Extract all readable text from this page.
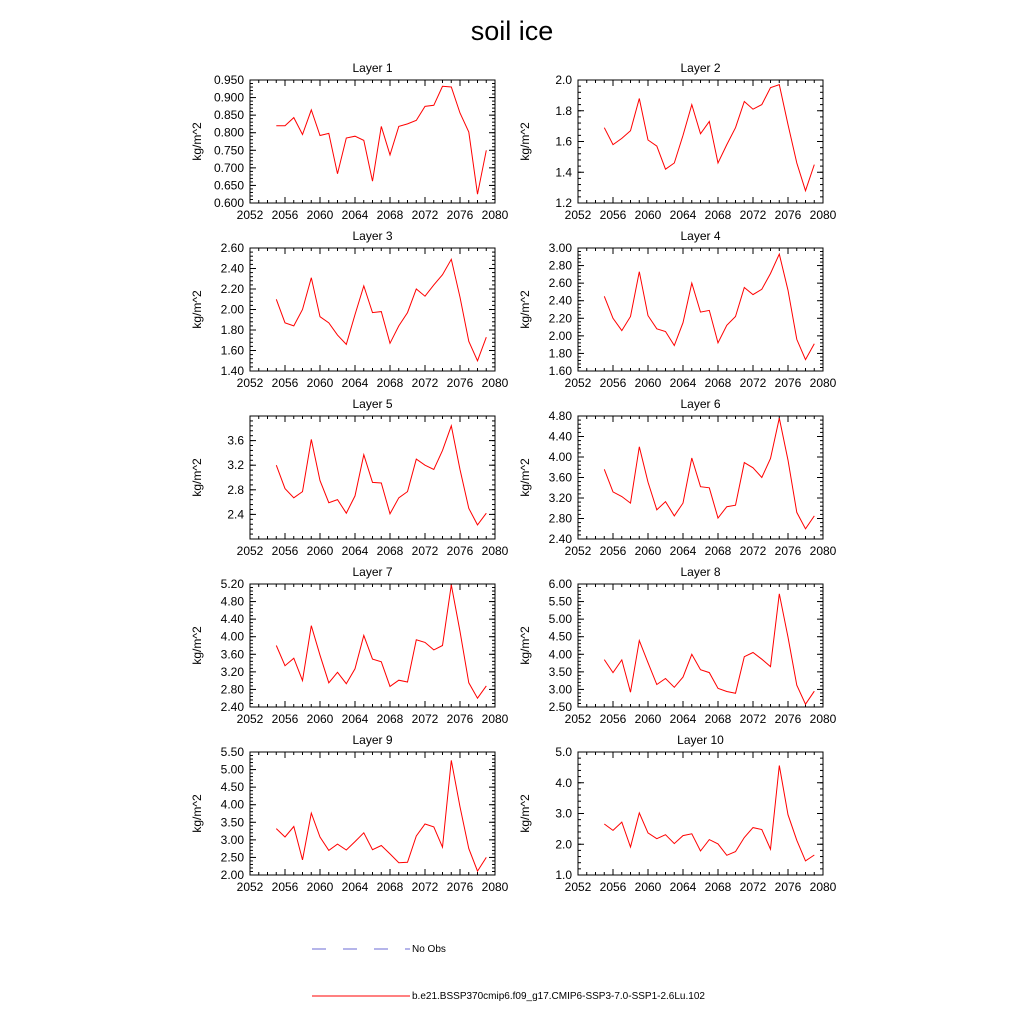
soil ice
2052 2056 2060 2064 2068 2072 2076 2080
0.600
0.650
0.700
0.750
0.800
0.850
0.900
0.950
Layer 1
kg/m^2
2052 2056 2060 2064 2068 2072 2076 2080
1.2
1.4
1.6
1.8
2.0
Layer 2
kg/m^2
2052 2056 2060 2064 2068 2072 2076 2080
1.40
1.60
1.80
2.00
2.20
2.40
2.60
Layer 3
kg/m^2
2052 2056 2060 2064 2068 2072 2076 2080
1.60
1.80
2.00
2.20
2.40
2.60
2.80
3.00
Layer 4
kg/m^2
2052 2056 2060 2064 2068 2072 2076 2080
2.4
2.8
3.2
3.6
Layer 5
kg/m^2
2052 2056 2060 2064 2068 2072 2076 2080
2.40
2.80
3.20
3.60
4.00
4.40
4.80
Layer 6
kg/m^2
2052 2056 2060 2064 2068 2072 2076 2080
2.40
2.80
3.20
3.60
4.00
4.40
4.80
5.20
Layer 7
kg/m^2
2052 2056 2060 2064 2068 2072 2076 2080
2.50
3.00
3.50
4.00
4.50
5.00
5.50
6.00
Layer 8
kg/m^2
2052 2056 2060 2064 2068 2072 2076 2080
2.00
2.50
3.00
3.50
4.00
4.50
5.00
5.50
Layer 9
kg/m^2
2052 2056 2060 2064 2068 2072 2076 2080
1.0
2.0
3.0
4.0
5.0
Layer 10
kg/m^2
No Obs
b.e21.BSSP370cmip6.f09_g17.CMIP6-SSP3-7.0-SSP1-2.6Lu.102
